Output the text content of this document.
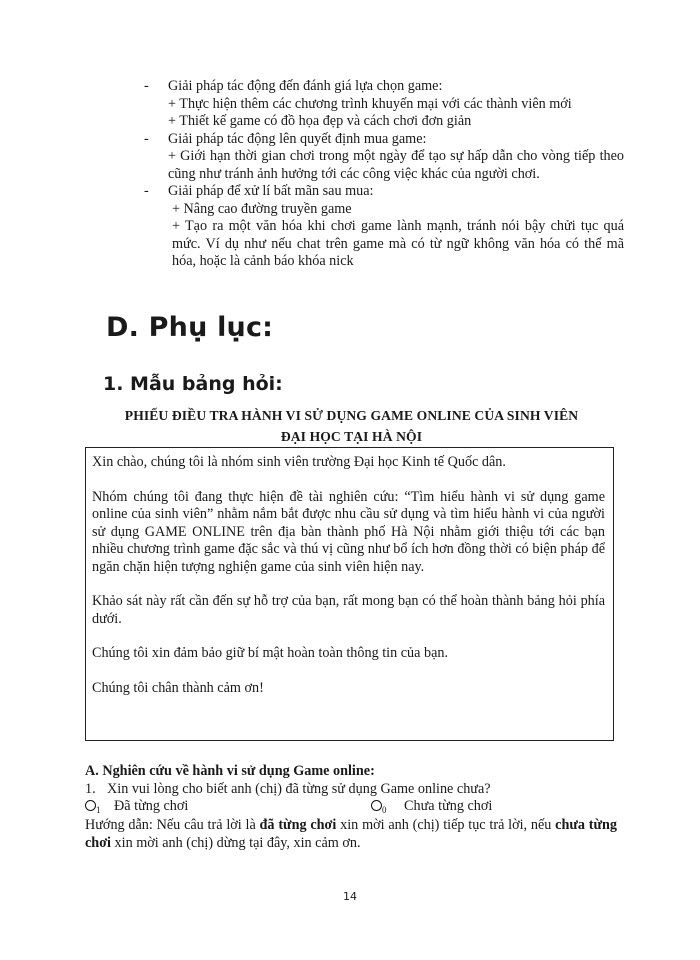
- Giải pháp tác động đến đánh giá lựa chọn game:
+ Thực hiện thêm các chương trình khuyến mại với các thành viên mới
+ Thiết kế game có đồ họa đẹp và cách chơi đơn giản
- Giải pháp tác động lên quyết định mua game:
+ Giới hạn thời gian chơi trong một ngày để tạo sự hấp dẫn cho vòng tiếp theo cũng như tránh ảnh hưởng tới các công việc khác của người chơi.
- Giải pháp để xử lí bất mãn sau mua:
+ Nâng cao đường truyền game
+ Tạo ra một văn hóa khi chơi game lành mạnh, tránh nói bậy chửi tục quá mức. Ví dụ như nếu chat trên game mà có từ ngữ không văn hóa có thể mã hóa, hoặc là cảnh báo khóa nick
D. Phụ lục:
1. Mẫu bảng hỏi:
PHIẾU ĐIỀU TRA HÀNH VI SỬ DỤNG GAME ONLINE CỦA SINH VIÊN
ĐẠI HỌC TẠI HÀ NỘI

Xin chào, chúng tôi là nhóm sinh viên trường Đại học Kinh tế Quốc dân.

Nhóm chúng tôi đang thực hiện đề tài nghiên cứu: “Tìm hiểu hành vi sử dụng game online của sinh viên” nhằm nắm bắt được nhu cầu sử dụng và tìm hiểu hành vi của người sử dụng GAME ONLINE trên địa bàn thành phố Hà Nội nhằm giới thiệu tới các bạn nhiều chương trình game đặc sắc và thú vị cũng như bổ ích hơn đồng thời có biện pháp để ngăn chặn hiện tượng nghiện game của sinh viên hiện nay.

Khảo sát này rất cần đến sự hỗ trợ của bạn, rất mong bạn có thể hoàn thành bảng hỏi phía dưới.

Chúng tôi xin đảm bảo giữ bí mật hoàn toàn thông tin của bạn.

Chúng tôi chân thành cảm ơn!

A. Nghiên cứu về hành vi sử dụng Game online:
1. Xin vui lòng cho biết anh (chị) đã từng sử dụng Game online chưa?
$_1$ Đã từng chơi	$_0$ Chưa từng chơi
Hướng dẫn: Nếu câu trả lời là đã từng chơi xin mời anh (chị) tiếp tục trả lời, nếu chưa từng chơi xin mời anh (chị) dừng tại đây, xin cảm ơn.
14
